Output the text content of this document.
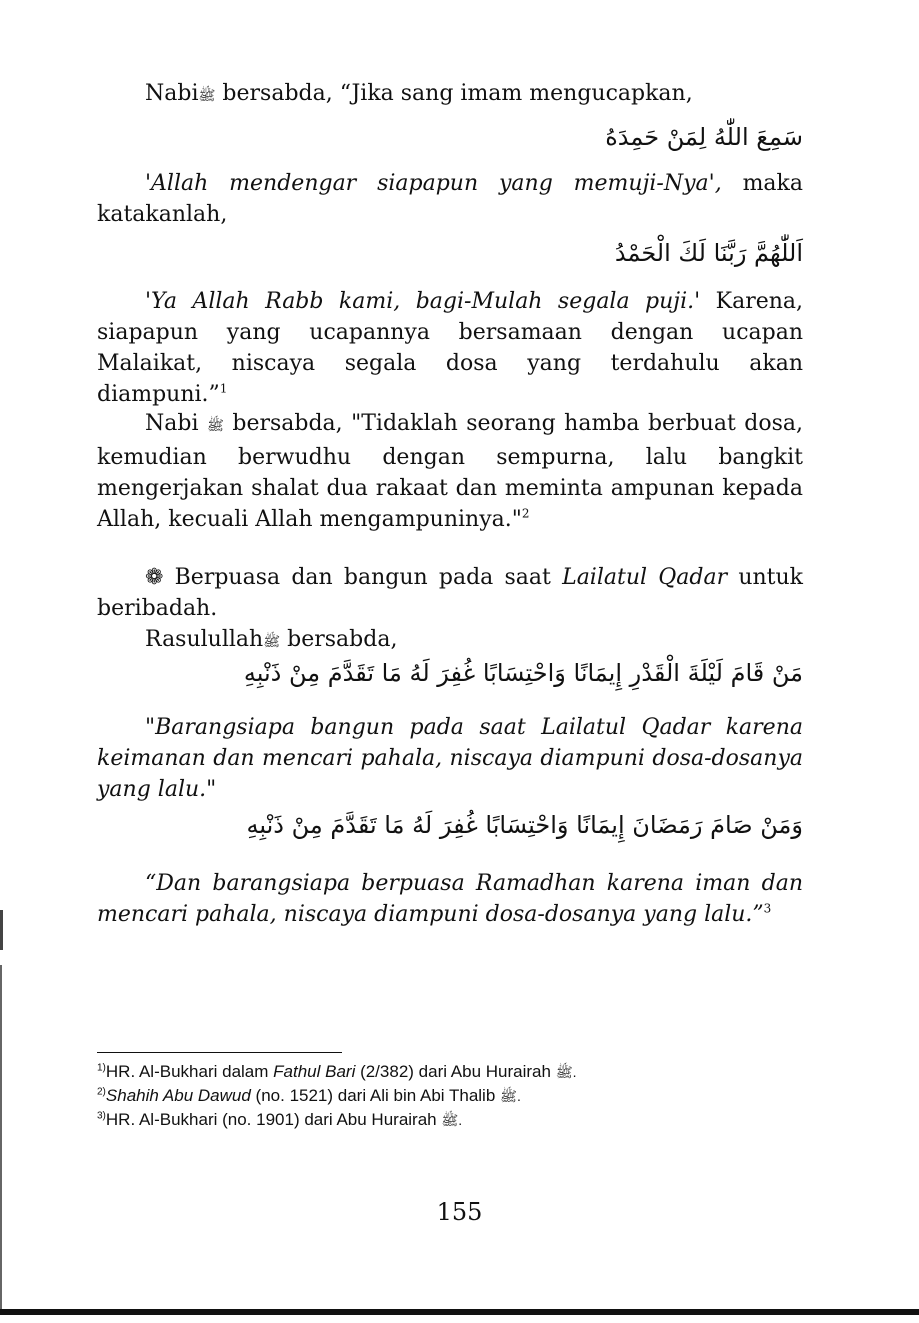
Nabiﷺ bersabda, “Jika sang imam mengucapkan,
سَمِعَ اللّٰهُ لِمَنْ حَمِدَهُ
'Allah mendengar siapapun yang memuji-Nya', maka katakanlah,
اَللّٰهُمَّ رَبَّنَا لَكَ الْحَمْدُ
'Ya Allah Rabb kami, bagi-Mulah segala puji.' Karena, siapapun yang ucapannya bersamaan dengan ucapan Malaikat, niscaya segala dosa yang terdahulu akan diampuni.”$^1$
Nabi ﷺ bersabda, "Tidaklah seorang hamba berbuat dosa, kemudian berwudhu dengan sempurna, lalu bangkit mengerjakan shalat dua rakaat dan meminta ampunan kepada Allah, kecuali Allah mengampuninya."$^2$
❁ Berpuasa dan bangun pada saat Lailatul Qadar untuk beribadah.
Rasulullahﷺ bersabda,
مَنْ قَامَ لَيْلَةَ الْقَدْرِ إِيمَانًا وَاحْتِسَابًا غُفِرَ لَهُ مَا تَقَدَّمَ مِنْ ذَنْبِهِ
"Barangsiapa bangun pada saat Lailatul Qadar karena keimanan dan mencari pahala, niscaya diampuni dosa-dosanya yang lalu."
وَمَنْ صَامَ رَمَضَانَ إِيمَانًا وَاحْتِسَابًا غُفِرَ لَهُ مَا تَقَدَّمَ مِنْ ذَنْبِهِ
“Dan barangsiapa berpuasa Ramadhan karena iman dan mencari pahala, niscaya diampuni dosa-dosanya yang lalu.”$^3$
$^{1)}$HR. Al-Bukhari dalam Fathul Bari (2/382) dari Abu Hurairah ﷺ.
$^{2)}$Shahih Abu Dawud (no. 1521) dari Ali bin Abi Thalib ﷺ.
$^{3)}$HR. Al-Bukhari (no. 1901) dari Abu Hurairah ﷺ.
155
